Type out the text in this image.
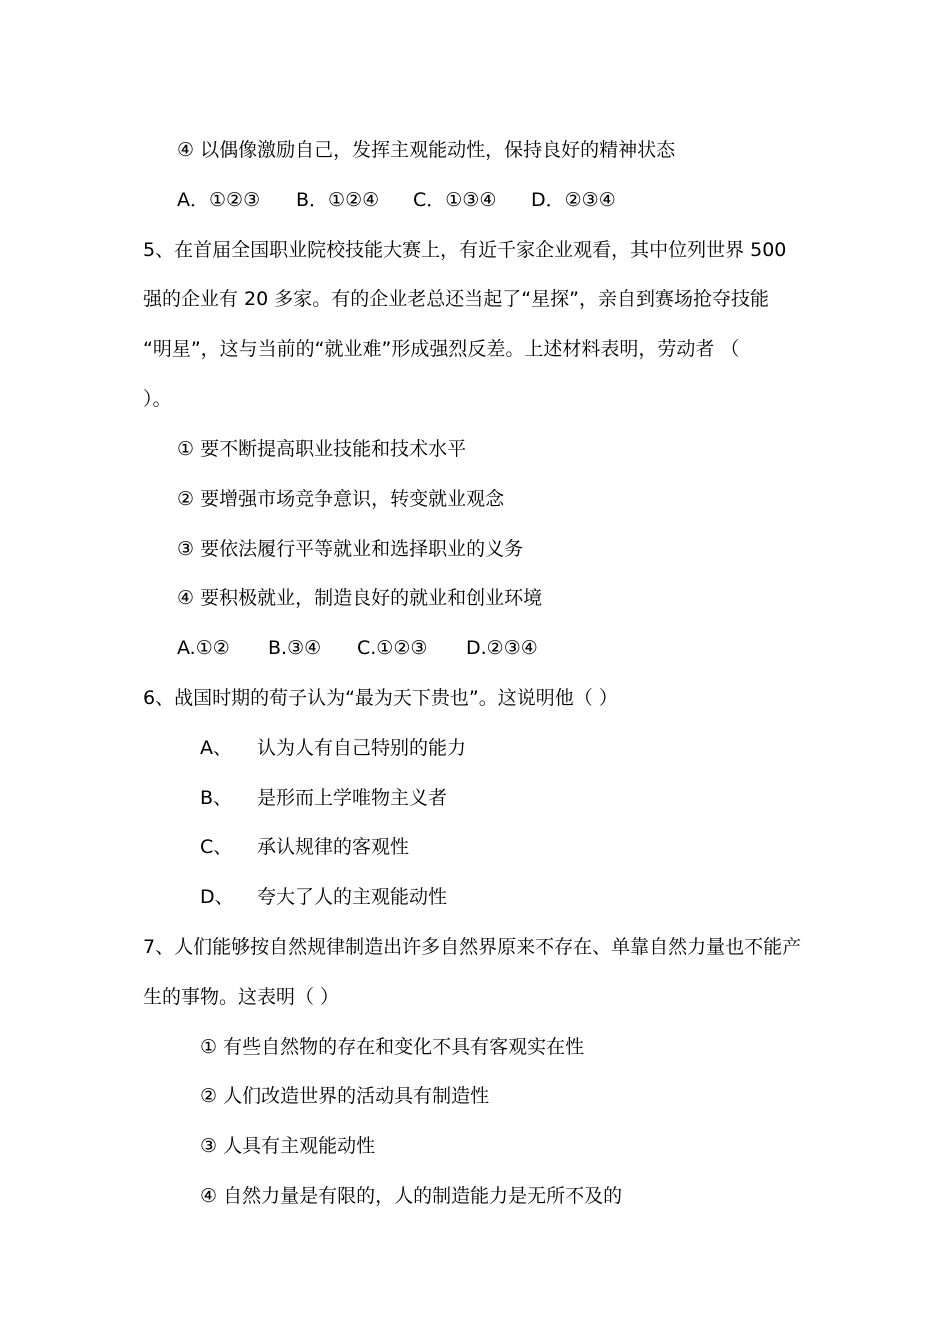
④ 以偶像激励自己，发挥主观能动性，保持良好的精神状态
A．①②③ B．①②④ C．①③④ D．②③④
5、在首届全国职业院校技能大赛上，有近千家企业观看，其中位列世界 500
强的企业有 20 多家。有的企业老总还当起了“星探”，亲自到赛场抢夺技能
“明星”，这与当前的“就业难”形成强烈反差。上述材料表明，劳动者 （
）。
① 要不断提高职业技能和技术水平
② 要增强市场竞争意识，转变就业观念
③ 要依法履行平等就业和选择职业的义务
④ 要积极就业，制造良好的就业和创业环境
A.①② B.③④ C.①②③ D.②③④
6、战国时期的荀子认为“最为天下贵也”。这说明他（ ）
A、 认为人有自己特别的能力
B、 是形而上学唯物主义者
C、 承认规律的客观性
D、 夸大了人的主观能动性
7、人们能够按自然规律制造出许多自然界原来不存在、单靠自然力量也不能产
生的事物。这表明（ ）
① 有些自然物的存在和变化不具有客观实在性
② 人们改造世界的活动具有制造性
③ 人具有主观能动性
④ 自然力量是有限的，人的制造能力是无所不及的
